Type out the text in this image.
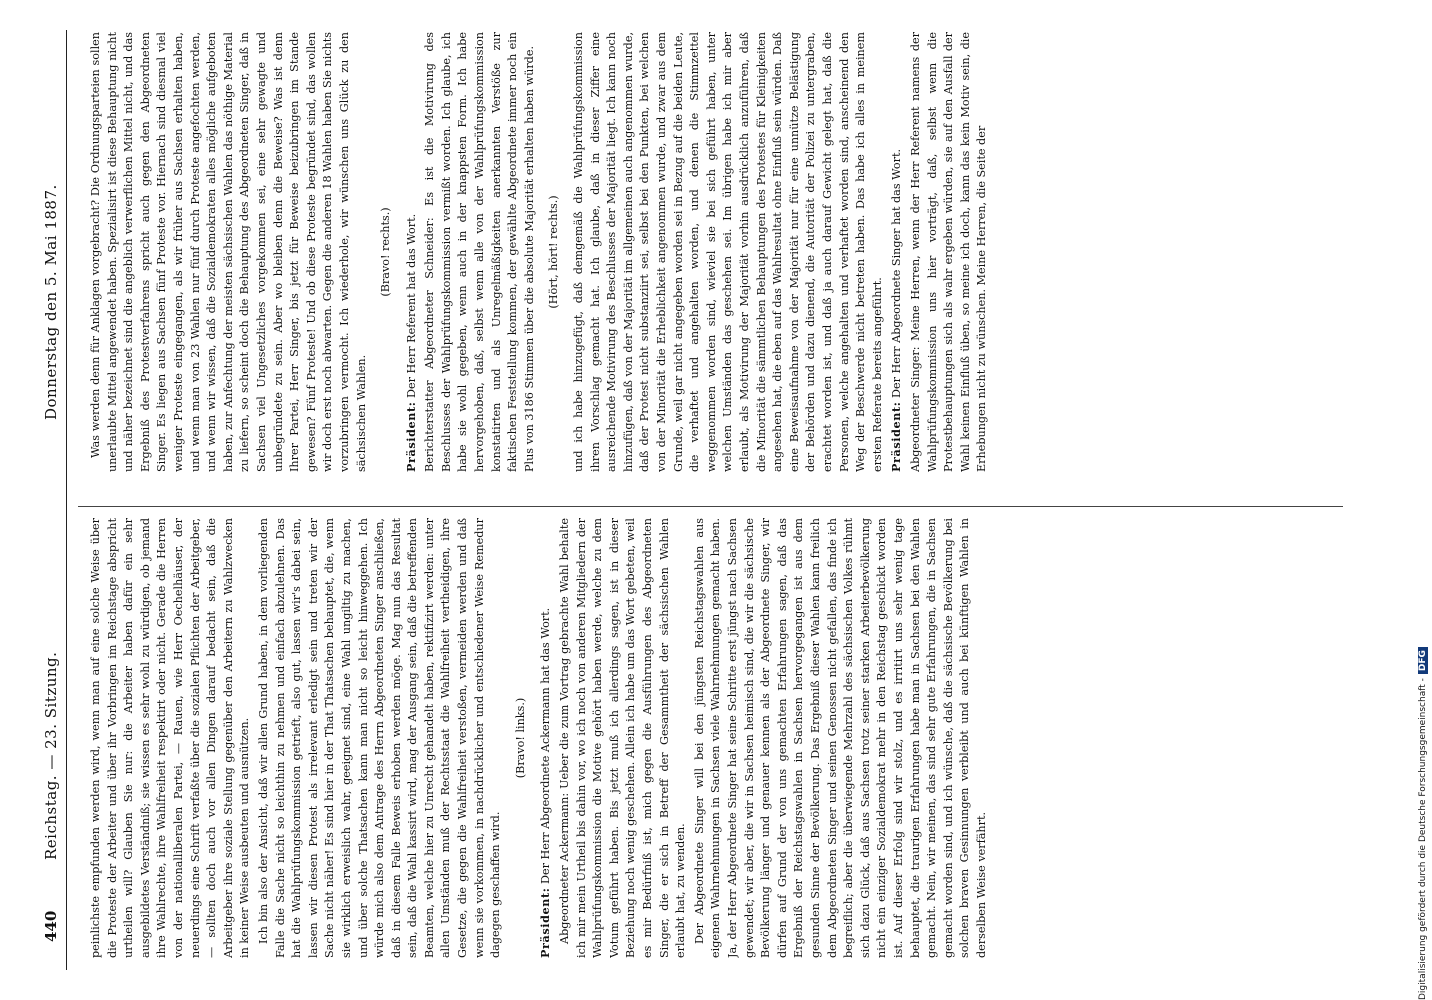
440
Reichstag. — 23. Sitzung.
Donnerstag den 5. Mai 1887.

peinlichste empfunden werden wird, wenn man auf eine solche Weise über die Proteste der Arbeiter und über ihr Vorbringen im Reichstage abspricht urtheilen will? Glauben Sie nur: die Arbeiter haben dafür ein sehr ausgebildetes Verständniß; sie wissen es sehr wohl zu würdigen, ob jemand ihre Wahlrechte, ihre Wahlfreiheit respektirt oder nicht. Gerade die Herren von der nationalliberalen Partei, — Rauen, wie Herr Oechelhäuser, der neuerdings eine Schrift verfaßte über die sozialen Pflichten der Arbeitgeber, — sollten doch auch vor allen Dingen darauf bedacht sein, daß die Arbeitgeber ihre soziale Stellung gegenüber den Arbeitern zu Wahlzwecken in keiner Weise ausbeuten und ausnützen. Ich bin also der Ansicht, daß wir allen Grund haben, in dem vorliegenden Falle die Sache nicht so leichthin zu nehmen und einfach abzulehnen. Das hat die Wahlprüfungskommission getrieft, also gut, lassen wir's dabei sein, lassen wir diesen Protest als irrelevant erledigt sein und treten wir der Sache nicht näher! Es sind hier in der That Thatsachen behauptet, die, wenn sie wirklich erweislich wahr, geeignet sind, eine Wahl ungiltig zu machen, und über solche Thatsachen kann man nicht so leicht hinweggehen. Ich würde mich also dem Antrage des Herrn Abgeordneten Singer anschließen, daß in diesem Falle Beweis erhoben werden möge. Mag nun das Resultat sein, daß die Wahl kassirt wird, mag der Ausgang sein, daß die betreffenden Beamten, welche hier zu Unrecht gehandelt haben, rektifizirt werden: unter allen Umständen muß der Rechtsstaat die Wahlfreiheit vertheidigen, ihre Gesetze, die gegen die Wahlfreiheit verstoßen, vermeiden werden und daß wenn sie vorkommen, in nachdrücklicher und entschiedener Weise Remedur dagegen geschaffen wird.

(Bravo! links.)

Präsident: Der Herr Abgeordnete Ackermann hat das Wort. Abgeordneter Ackermann: Ueber die zum Vortrag gebrachte Wahl behalte ich mir mein Urtheil bis dahin vor, wo ich noch von anderen Mitgliedern der Wahlprüfungskommission die Motive gehört haben werde, welche zu dem Votum geführt haben. Bis jetzt muß ich allerdings sagen, ist in dieser Beziehung noch wenig geschehen. Allein ich habe um das Wort gebeten, weil es mir Bedürfniß ist, mich gegen die Ausführungen des Abgeordneten Singer, die er sich in Betreff der Gesammtheit der sächsischen Wahlen erlaubt hat, zu wenden. Der Abgeordnete Singer will bei den jüngsten Reichstagswahlen aus eigenen Wahrnehmungen in Sachsen viele Wahrnehmungen gemacht haben. Ja, der Herr Abgeordnete Singer hat seine Schritte erst jüngst nach Sachsen gewendet; wir aber, die wir in Sachsen heimisch sind, die wir die sächsische Bevölkerung länger und genauer kennen als der Abgeordnete Singer, wir dürfen auf Grund der von uns gemachten Erfahrungen sagen, daß das Ergebniß der Reichstagswahlen in Sachsen hervorgegangen ist aus dem gesunden Sinne der Bevölkerung. Das Ergebniß dieser Wahlen kann freilich dem Abgeordneten Singer und seinen Genossen nicht gefallen, das finde ich begreiflich; aber die überwiegende Mehrzahl des sächsischen Volkes rühmt sich dazu Glück, daß aus Sachsen trotz seiner starken Arbeiterbevölkerung nicht ein einziger Sozialdemokrat mehr in den Reichstag geschickt worden ist. Auf dieser Erfolg sind wir stolz, und es irritirt uns sehr wenig tage behauptet, die traurigen Erfahrungen habe man in Sachsen bei den Wahlen gemacht. Nein, wir meinen, das sind sehr gute Erfahrungen, die in Sachsen gemacht worden sind, und ich wünsche, daß die sächsische Bevölkerung bei solchen braven Gesinnungen verbleibt und auch bei künftigen Wahlen in derselben Weise verfährt.

Was werden denn für Anklagen vorgebracht? Die Ordnungsparteien sollen unerlaubte Mittel angewendet haben. Spezialisirt ist diese Behauptung nicht und näher bezeichnet sind die angeblich verwerflichen Mittel nicht, und das Ergebniß des Protestverfahrens spricht auch gegen den Abgeordneten Singer. Es liegen aus Sachsen fünf Proteste vor. Hiernach sind diesmal viel weniger Proteste eingegangen, als wir früher aus Sachsen erhalten haben, und wenn man von 23 Wahlen nur fünf durch Proteste angefochten werden, und wenn wir wissen, daß die Sozialdemokraten alles mögliche aufgeboten haben, zur Anfechtung der meisten sächsischen Wahlen das nöthige Material zu liefern, so scheint doch die Behauptung des Abgeordneten Singer, daß in Sachsen viel Ungesetzliches vorgekommen sei, eine sehr gewagte und unbegründete zu sein. Aber wo bleiben denn die Beweise? Was ist denn Ihrer Partei, Herr Singer, bis jetzt für Beweise beizubringen im Stande gewesen? Fünf Proteste! Und ob diese Proteste begründet sind, das wollen wir doch erst noch abwarten. Gegen die anderen 18 Wahlen haben Sie nichts vorzubringen vermocht. Ich wiederhole, wir wünschen uns Glück zu den sächsischen Wahlen.

(Bravo! rechts.)

Präsident: Der Herr Referent hat das Wort. Berichterstatter Abgeordneter Schneider: Es ist die Motivirung des Beschlusses der Wahlprüfungskommission vermißt worden. Ich glaube, ich habe sie wohl gegeben, wenn auch in der knappsten Form. Ich habe hervorgehoben, daß, selbst wenn alle von der Wahlprüfungskommission konstatirten und als Unregelmäßigkeiten anerkannten Verstöße zur faktischen Feststellung kommen, der gewählte Abgeordnete immer noch ein Plus von 3186 Stimmen über die absolute Majorität erhalten haben würde. (Hört, hört! rechts.) und ich habe hinzugefügt, daß demgemäß die Wahlprüfungskommission ihren Vorschlag gemacht hat. Ich glaube, daß in dieser Ziffer eine ausreichende Motivirung des Beschlusses der Majorität liegt. Ich kann noch hinzufügen, daß von der Majorität im allgemeinen auch angenommen wurde, daß der Protest nicht substanziirt sei, selbst bei den Punkten, bei welchen von der Minorität die Erheblichkeit angenommen wurde, und zwar aus dem Grunde, weil gar nicht angegeben worden sei in Bezug auf die beiden Leute, die verhaftet und angehalten worden, und denen die Stimmzettel weggenommen worden sind, wieviel sie bei sich geführt haben, unter welchen Umständen das geschehen sei. Im übrigen habe ich mir aber erlaubt, als Motivirung der Majorität vorhin ausdrücklich anzuführen, daß die Minorität die sämmtlichen Behauptungen des Protestes für Kleinigkeiten angesehen hat, die eben auf das Wahlresultat ohne Einfluß sein würden. Daß eine Beweisaufnahme von der Majorität nur für eine unnütze Belästigung der Behörden und dazu dienend, die Autorität der Polizei zu untergraben, erachtet worden ist, und daß ja auch darauf Gewicht gelegt hat, daß die Personen, welche angehalten und verhaftet worden sind, anscheinend den Weg der Beschwerde nicht betreten haben. Das habe ich alles in meinem ersten Referate bereits angeführt. Präsident: Der Herr Abgeordnete Singer hat das Wort. Abgeordneter Singer: Meine Herren, wenn der Herr Referent namens der Wahlprüfungskommission uns hier vorträgt, daß, selbst wenn die Protestbehauptungen sich als wahr ergeben würden, sie auf den Ausfall der Wahl keinen Einfluß üben, so meine ich doch, kann das kein Motiv sein, die Erhebungen nicht zu wünschen. Meine Herren, die Seite der

Digitalisierung gefördert durch die Deutsche Forschungsgemeinschaft -DFG
